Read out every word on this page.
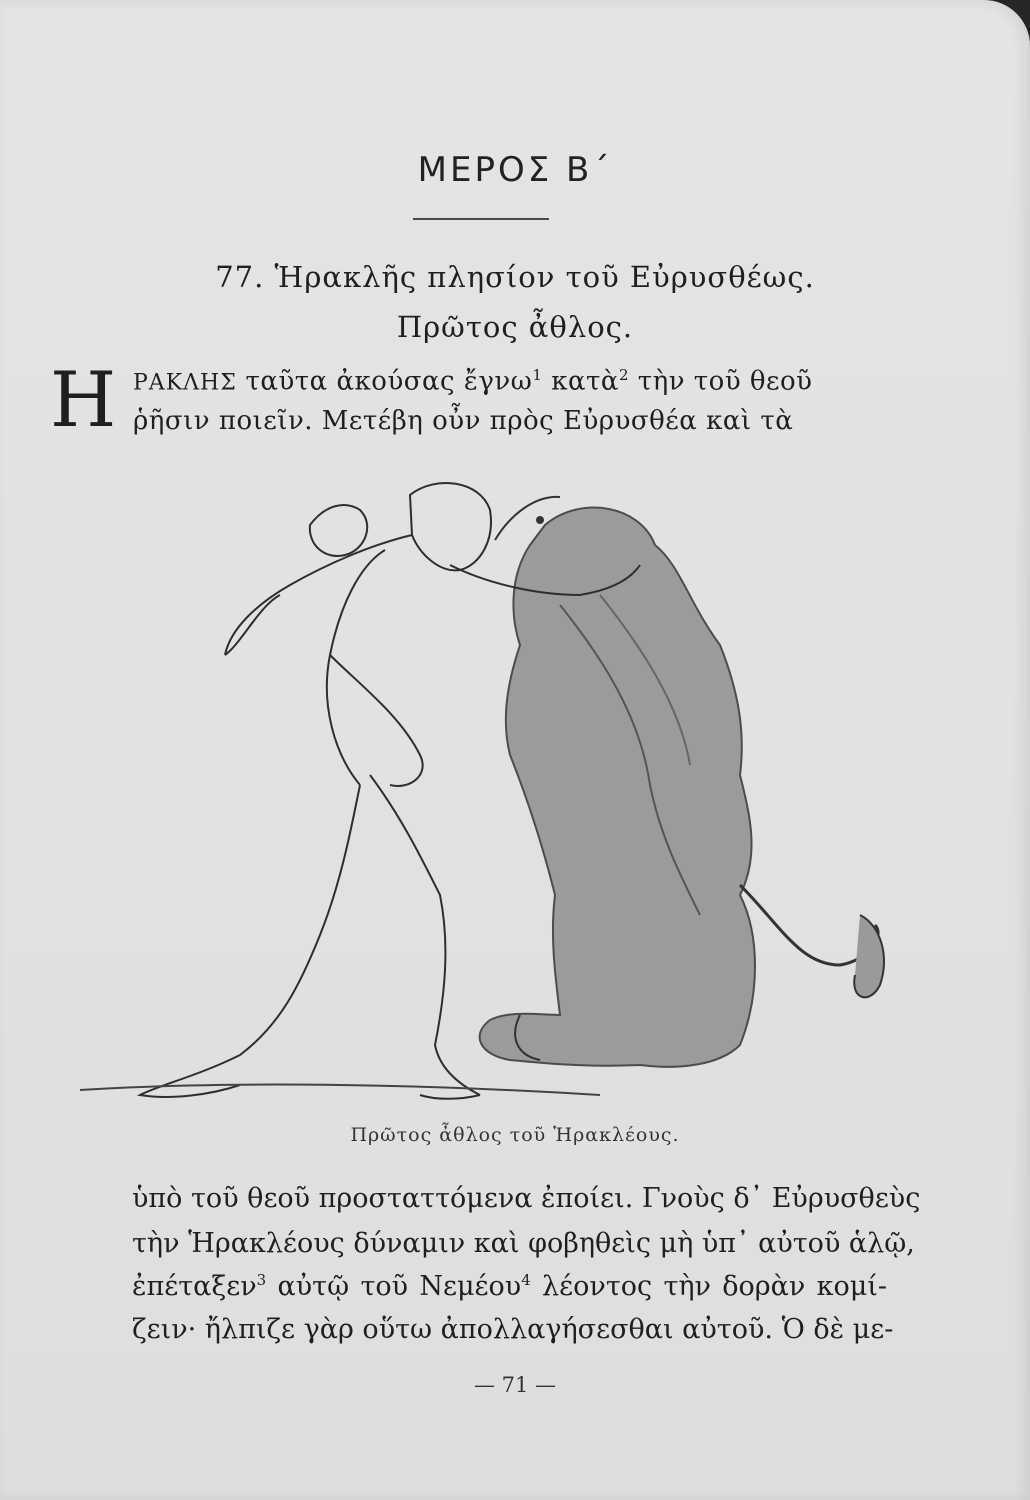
ΜΕΡΟΣ Β΄
77. Ἡρακλῆς πλησίον τοῦ Εὐρυσθέως.
Πρῶτος ἆθλος.
Η ΡΑΚΛΗΣ ταῦτα ἀκούσας ἔγνω$^1$ κατὰ$^2$ τὴν τοῦ θεοῦ
ῥῆσιν ποιεῖν. Μετέβη οὖν πρὸς Εὐρυσθέα καὶ τὰ
Πρῶτος ἆθλος τοῦ Ἡρακλέους.
ὑπὸ τοῦ θεοῦ προσταττόμενα ἐποίει. Γνοὺς δ᾽ Εὐρυσθεὺς
τὴν Ἡρακλέους δύναμιν καὶ φοβηθεὶς μὴ ὑπ᾽ αὐτοῦ ἁλῷ,
ἐπέταξεν$^3$ αὐτῷ τοῦ Νεμέου$^4$ λέοντος τὴν δορὰν κομί-
ζειν· ἤλπιζε γὰρ οὕτω ἀπολλαγήσεσθαι αὐτοῦ. Ὁ δὲ με-
— 71 —
